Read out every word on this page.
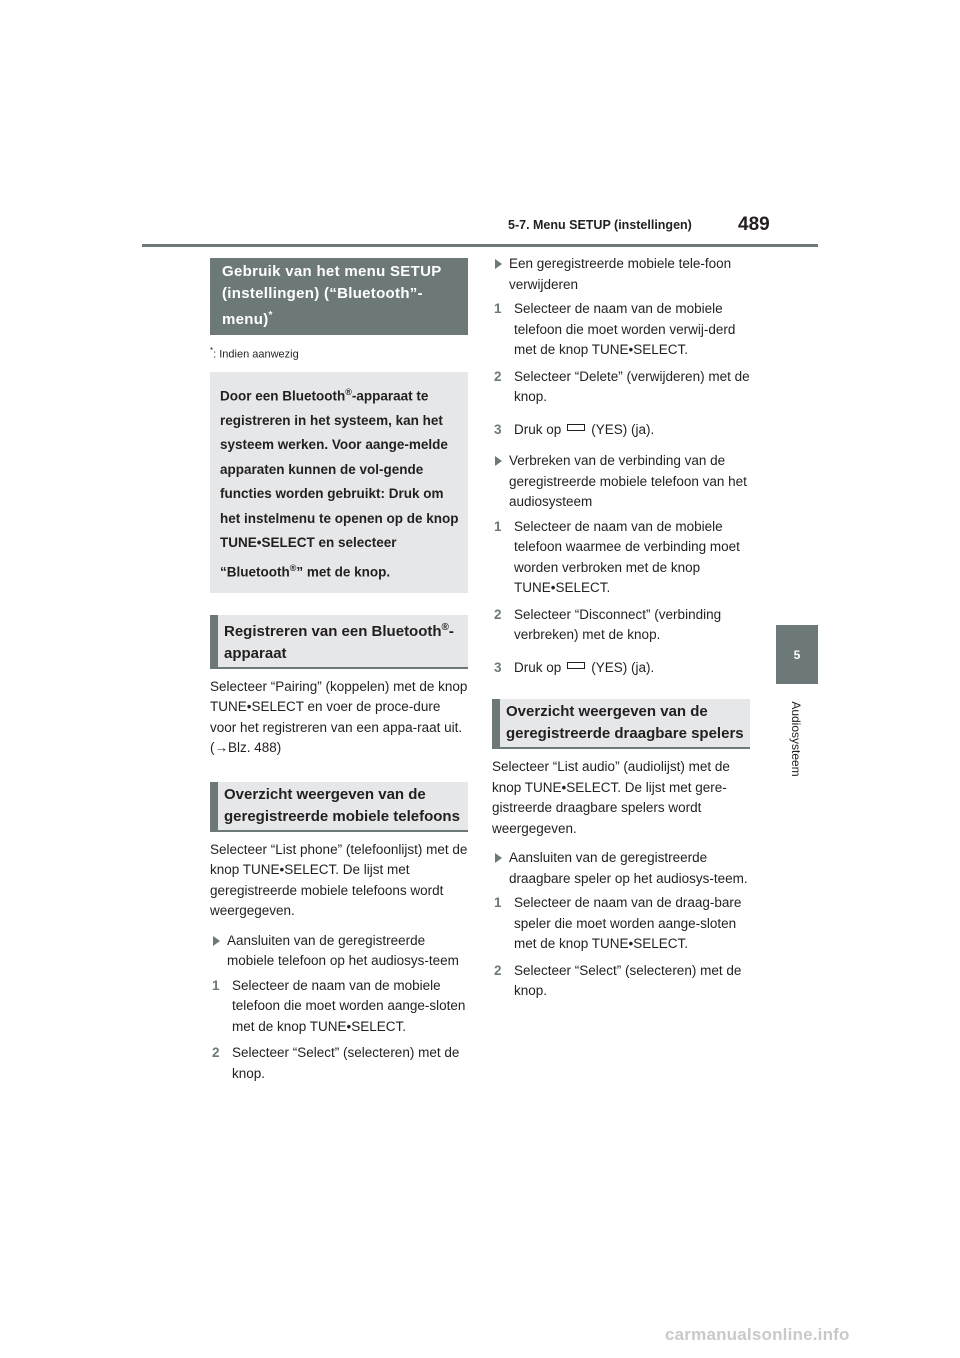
5-7. Menu SETUP (instellingen) 489
5
Audiosysteem
Gebruik van het menu SETUP (instellingen) (“Bluetooth”-menu)*
*: Indien aanwezig
Door een Bluetooth®-apparaat te registreren in het systeem, kan het systeem werken. Voor aange-melde apparaten kunnen de vol-gende functies worden gebruikt: Druk om het instelmenu te openen op de knop TUNE•SELECT en selecteer “Bluetooth®” met de knop.
Registreren van een Bluetooth®-apparaat

Selecteer “Pairing” (koppelen) met de knop TUNE•SELECT en voer de proce-dure voor het registreren van een appa-raat uit. (→Blz. 488)

Overzicht weergeven van de geregistreerde mobiele telefoons

Selecteer “List phone” (telefoonlijst) met de knop TUNE•SELECT. De lijst met geregistreerde mobiele telefoons wordt weergegeven.

Aansluiten van de geregistreerde mobiele telefoon op het audiosys-teem
1 Selecteer de naam van de mobiele telefoon die moet worden aange-sloten met de knop TUNE•SELECT.
2 Selecteer “Select” (selecteren) met de knop.
Een geregistreerde mobiele tele-foon verwijderen
1 Selecteer de naam van de mobiele telefoon die moet worden verwij-derd met de knop TUNE•SELECT.
2 Selecteer “Delete” (verwijderen) met de knop.
3 Druk op (YES) (ja).
Verbreken van de verbinding van de geregistreerde mobiele telefoon van het audiosysteem
1 Selecteer de naam van de mobiele telefoon waarmee de verbinding moet worden verbroken met de knop TUNE•SELECT.
2 Selecteer “Disconnect” (verbinding verbreken) met de knop.
3 Druk op (YES) (ja).
Overzicht weergeven van de geregistreerde draagbare spelers

Selecteer “List audio” (audiolijst) met de knop TUNE•SELECT. De lijst met gere-gistreerde draagbare spelers wordt weergegeven.

Aansluiten van de geregistreerde draagbare speler op het audiosys-teem.
1 Selecteer de naam van de draag-bare speler die moet worden aange-sloten met de knop TUNE•SELECT.
2 Selecteer “Select” (selecteren) met de knop.
carmanualsonline.info
